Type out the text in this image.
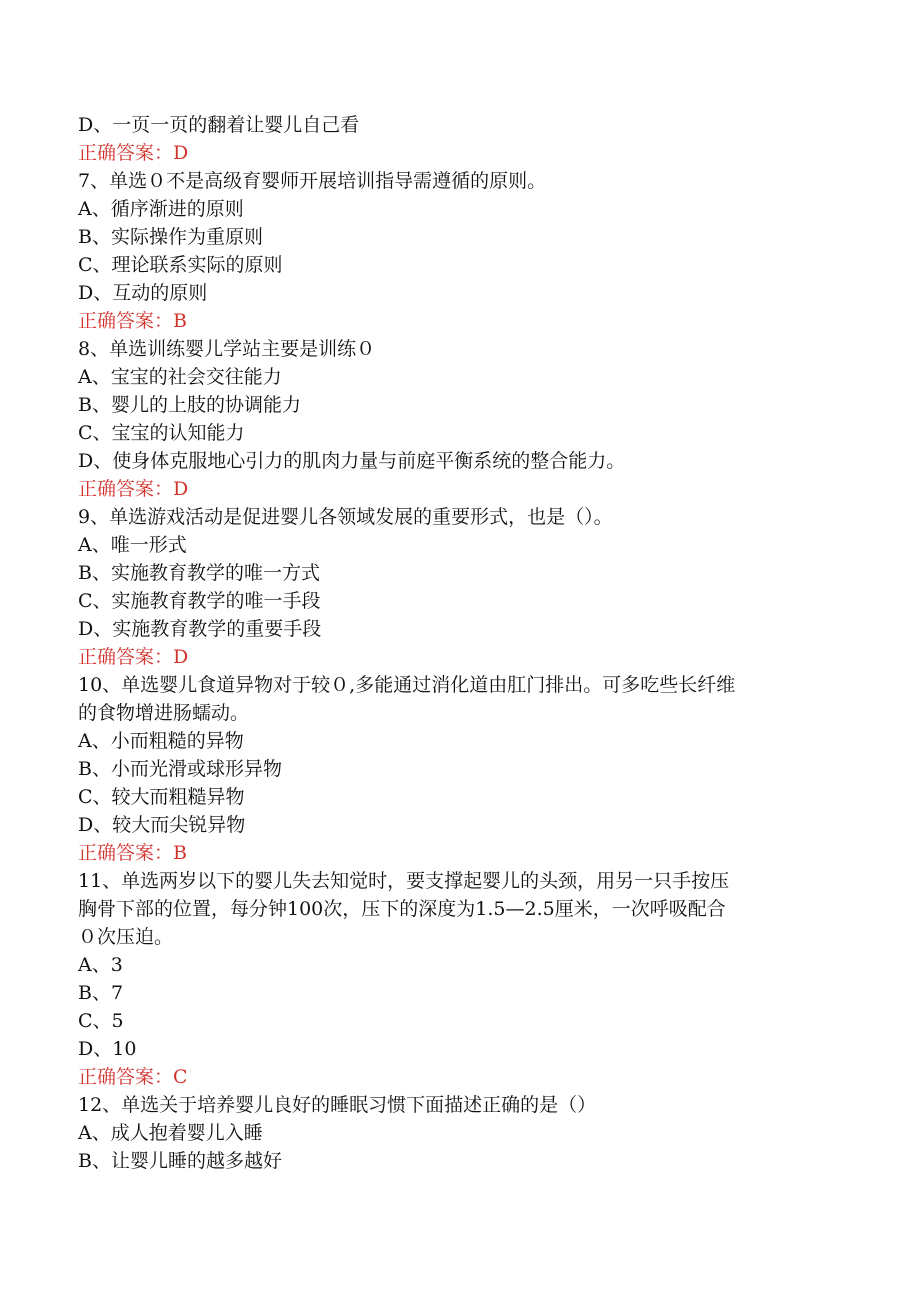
D、一页一页的翻着让婴儿自己看

正确答案：D

7、单选０不是高级育婴师开展培训指导需遵循的原则。

A、循序渐进的原则

B、实际操作为重原则

C、理论联系实际的原则

D、互动的原则

正确答案：B

8、单选训练婴儿学站主要是训练０

A、宝宝的社会交往能力

B、婴儿的上肢的协调能力

C、宝宝的认知能力

D、使身体克服地心引力的肌肉力量与前庭平衡系统的整合能力。

正确答案：D

9、单选游戏活动是促进婴儿各领域发展的重要形式，也是（）。

A、唯一形式

B、实施教育教学的唯一方式

C、实施教育教学的唯一手段

D、实施教育教学的重要手段

正确答案：D

10、单选婴儿食道异物对于较０,多能通过消化道由肛门排出。可多吃些长纤维

的食物增进肠蠕动。

A、小而粗糙的异物

B、小而光滑或球形异物

C、较大而粗糙异物

D、较大而尖锐异物

正确答案：B

11、单选两岁以下的婴儿失去知觉时，要支撑起婴儿的头颈，用另一只手按压

胸骨下部的位置，每分钟100次，压下的深度为1.5—2.5厘米，一次呼吸配合

０次压迫。

A、3

B、7

C、5

D、10

正确答案：C

12、单选关于培养婴儿良好的睡眠习惯下面描述正确的是（）

A、成人抱着婴儿入睡

B、让婴儿睡的越多越好
